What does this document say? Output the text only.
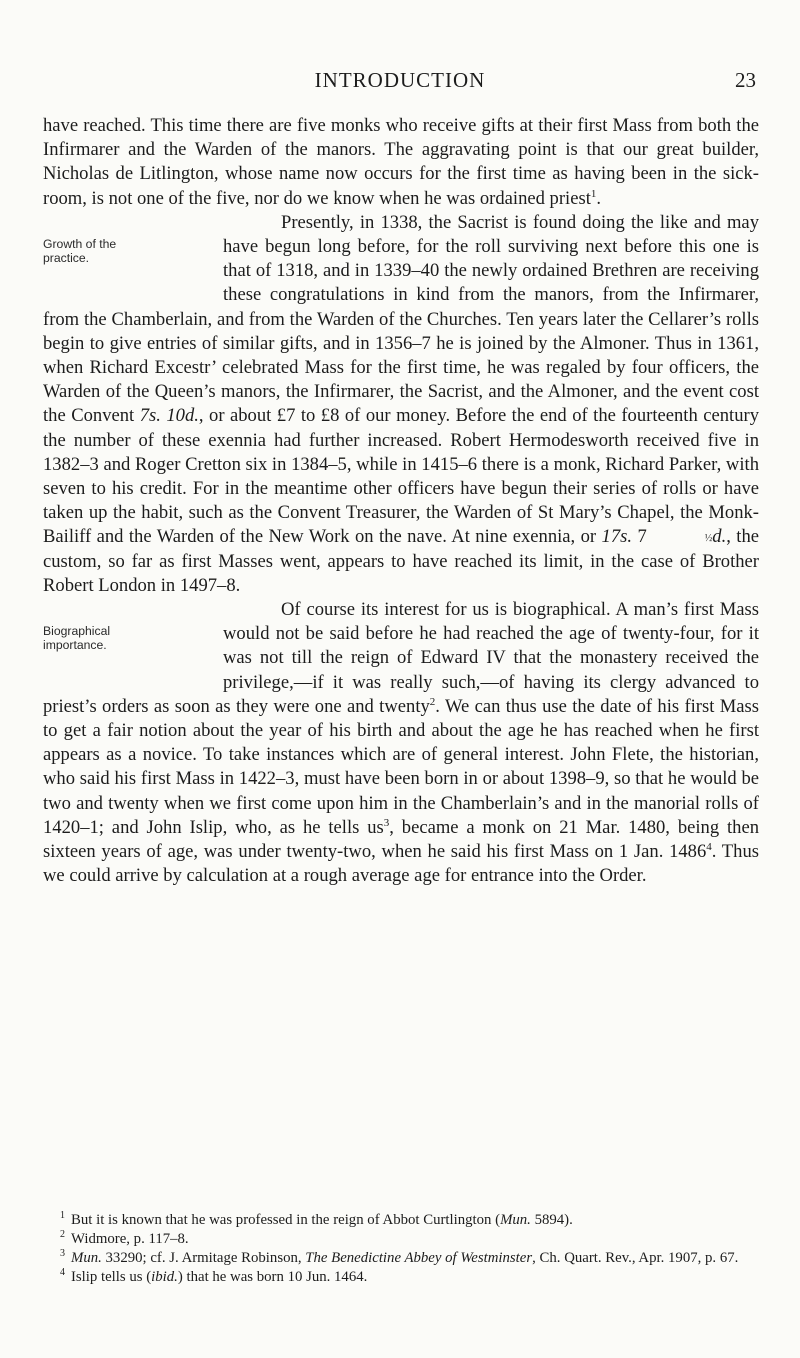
INTRODUCTION	23

have reached. This time there are five monks who receive gifts at their first Mass from both the Infirmarer and the Warden of the manors. The aggravating point is that our great builder, Nicholas de Litlington, whose name now occurs for the first time as having been in the sick-room, is not one of the five, nor do we know when he was ordained priest$^1$.

Growth of the practice.
Presently, in 1338, the Sacrist is found doing the like and may have begun long before, for the roll surviving next before this one is that of 1318, and in 1339–40 the newly ordained Brethren are receiving these congratulations in kind from the manors, from the Infirmarer, from the Chamberlain, and from the Warden of the Churches. Ten years later the Cellarer’s rolls begin to give entries of similar gifts, and in 1356–7 he is joined by the Almoner. Thus in 1361, when Richard Excestr’ celebrated Mass for the first time, he was regaled by four officers, the Warden of the Queen’s manors, the Infirmarer, the Sacrist, and the Almoner, and the event cost the Convent 7s. 10d., or about £7 to £8 of our money. Before the end of the fourteenth century the number of these exennia had further increased. Robert Hermodesworth received five in 1382–3 and Roger Cretton six in 1384–5, while in 1415–6 there is a monk, Richard Parker, with seven to his credit. For in the meantime other officers have begun their series of rolls or have taken up the habit, such as the Convent Treasurer, the Warden of St Mary’s Chapel, the Monk-Bailiff and the Warden of the New Work on the nave. At nine exennia, or 17s. 7	½d., the custom, so far as first Masses went, appears to have reached its limit, in the case of Brother Robert London in 1497–8.

Biographical importance.
Of course its interest for us is biographical. A man’s first Mass would not be said before he had reached the age of twenty-four, for it was not till the reign of Edward IV that the monastery received the privilege,—if it was really such,—of having its clergy advanced to priest’s orders as soon as they were one and twenty$^2$. We can thus use the date of his first Mass to get a fair notion about the year of his birth and about the age he has reached when he first appears as a novice. To take instances which are of general interest. John Flete, the historian, who said his first Mass in 1422–3, must have been born in or about 1398–9, so that he would be two and twenty when we first come upon him in the Chamberlain’s and in the manorial rolls of 1420–1; and John Islip, who, as he tells $us^3$, became a monk on 21 Mar. 1480, being then sixteen years of age, was under twenty-two, when he said his first Mass on 1 Jan. 1486$^4$. Thus we could arrive by calculation at a rough average age for entrance into the Order.

1 But it is known that he was professed in the reign of Abbot Curtlington (Mun. 5894).

2 Widmore, p. 117–8.

3 Mun. 33290; cf. J. Armitage Robinson, The Benedictine Abbey of Westminster, Ch. Quart. Rev., Apr. 1907, p. 67.

4 Islip tells us (ibid.) that he was born 10 Jun. 1464.
